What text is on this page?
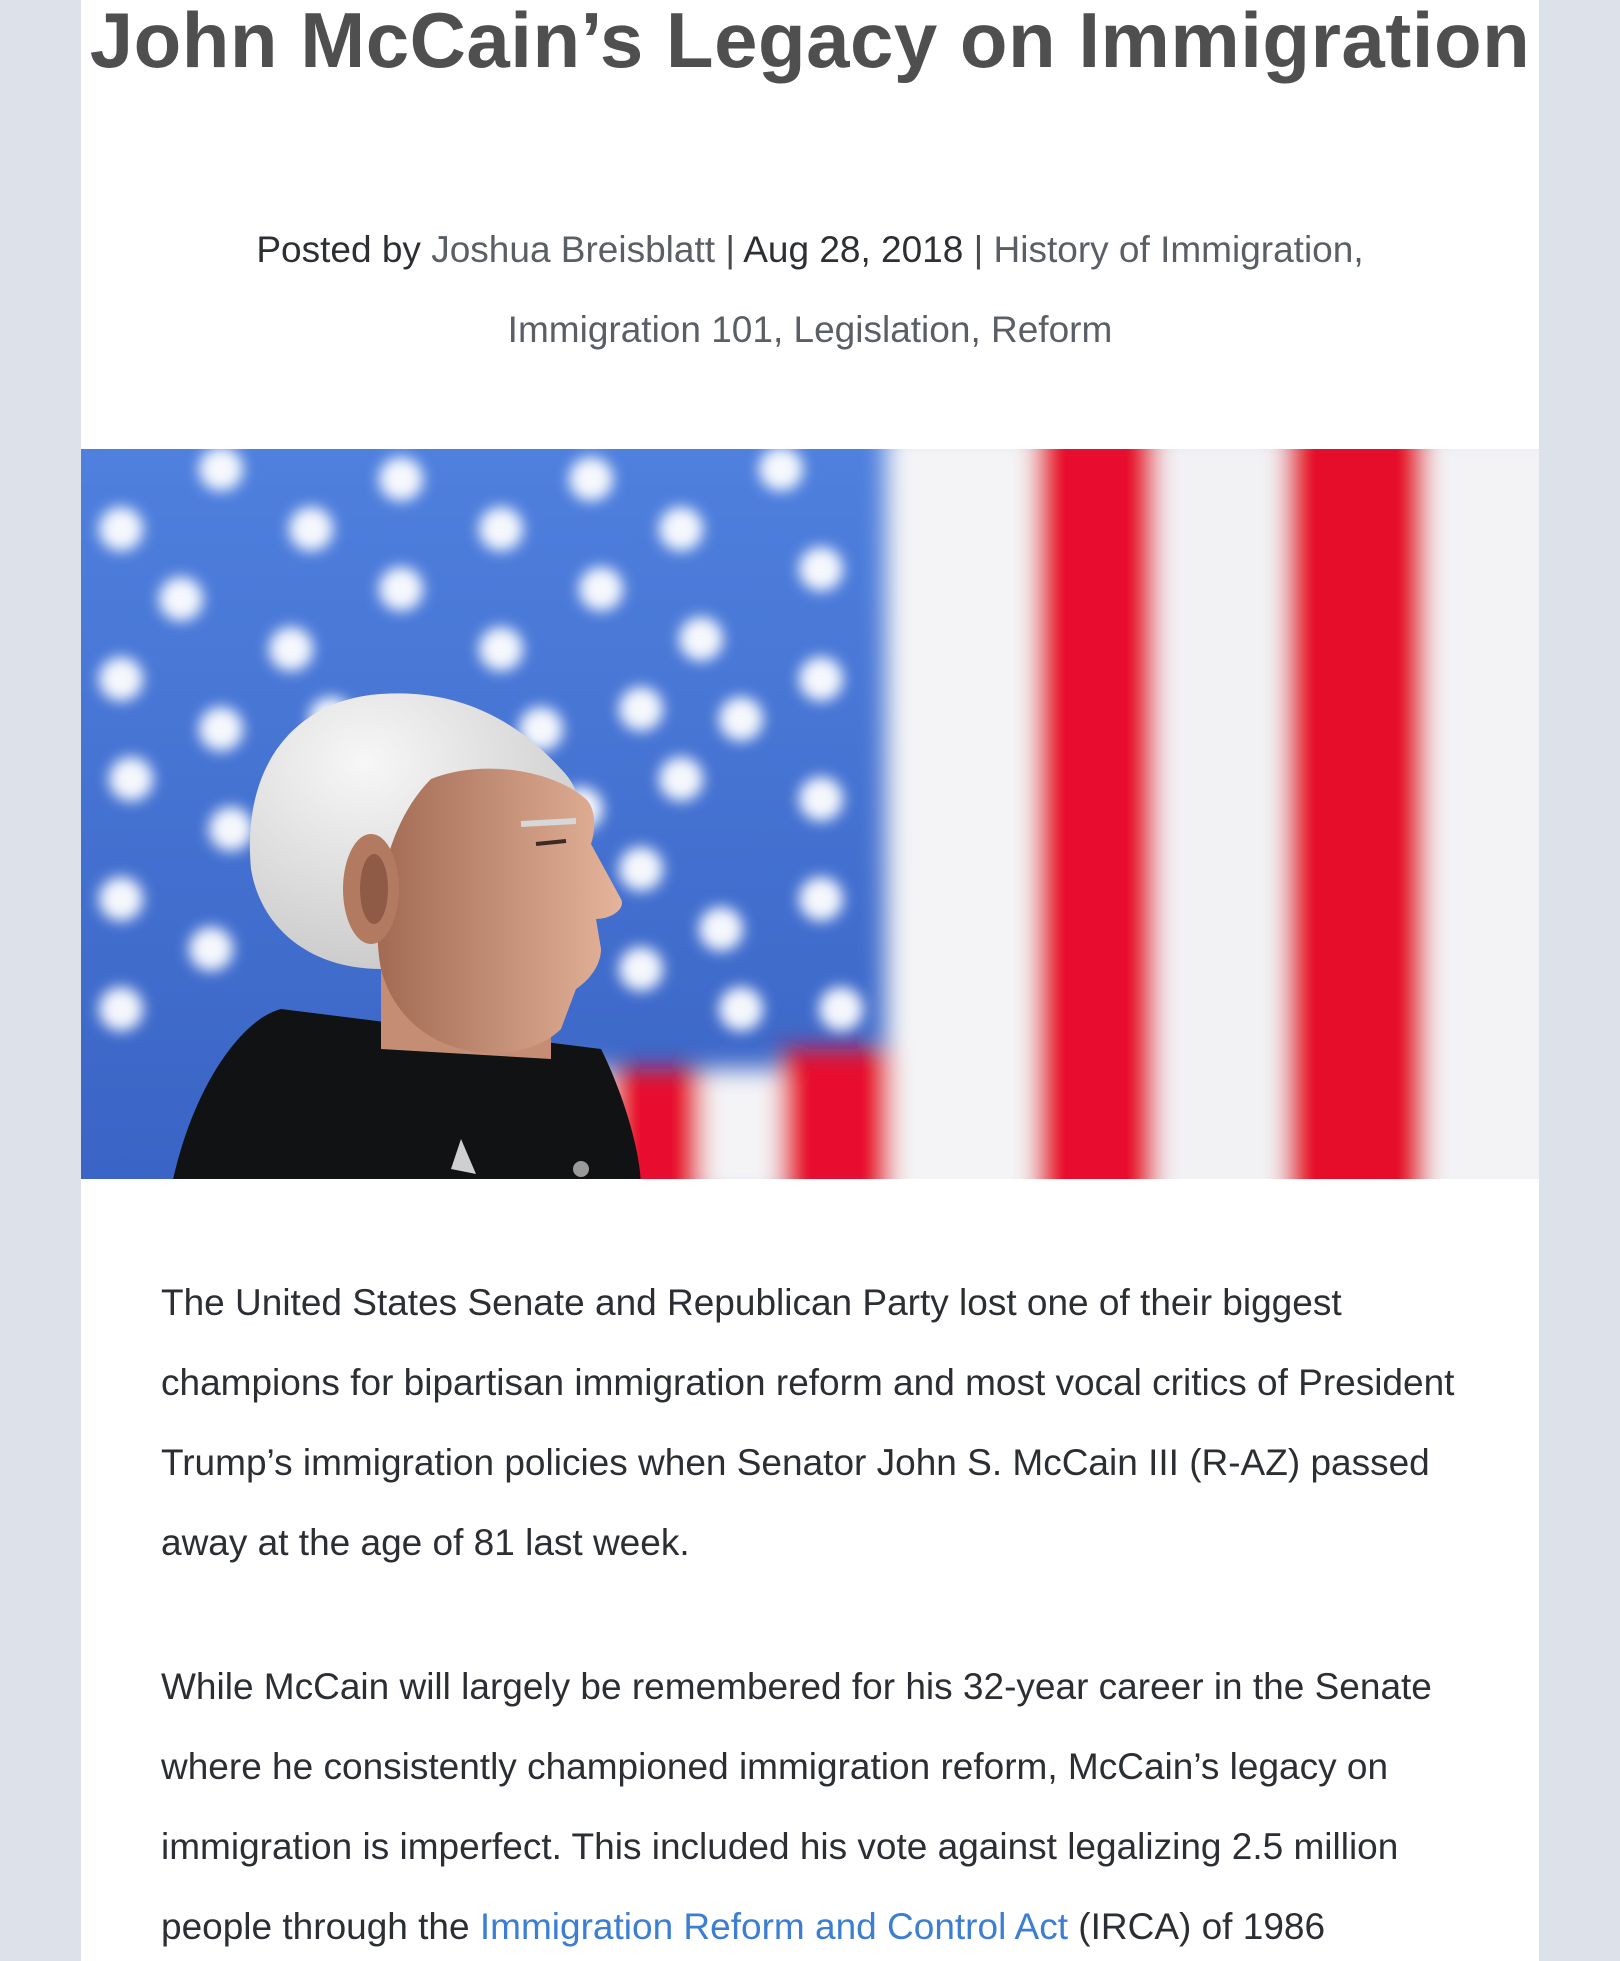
John McCain’s Legacy on Immigration
Posted by Joshua Breisblatt | Aug 28, 2018 | History of Immigration,
Immigration 101, Legislation, Reform

The United States Senate and Republican Party lost one of their biggest champions for bipartisan immigration reform and most vocal critics of President Trump’s immigration policies when Senator John S. McCain III (R-AZ) passed away at the age of 81 last week.

While McCain will largely be remembered for his 32-year career in the Senate where he consistently championed immigration reform, McCain’s legacy on immigration is imperfect. This included his vote against legalizing 2.5 million people through the Immigration Reform and Control Act (IRCA) of 1986
